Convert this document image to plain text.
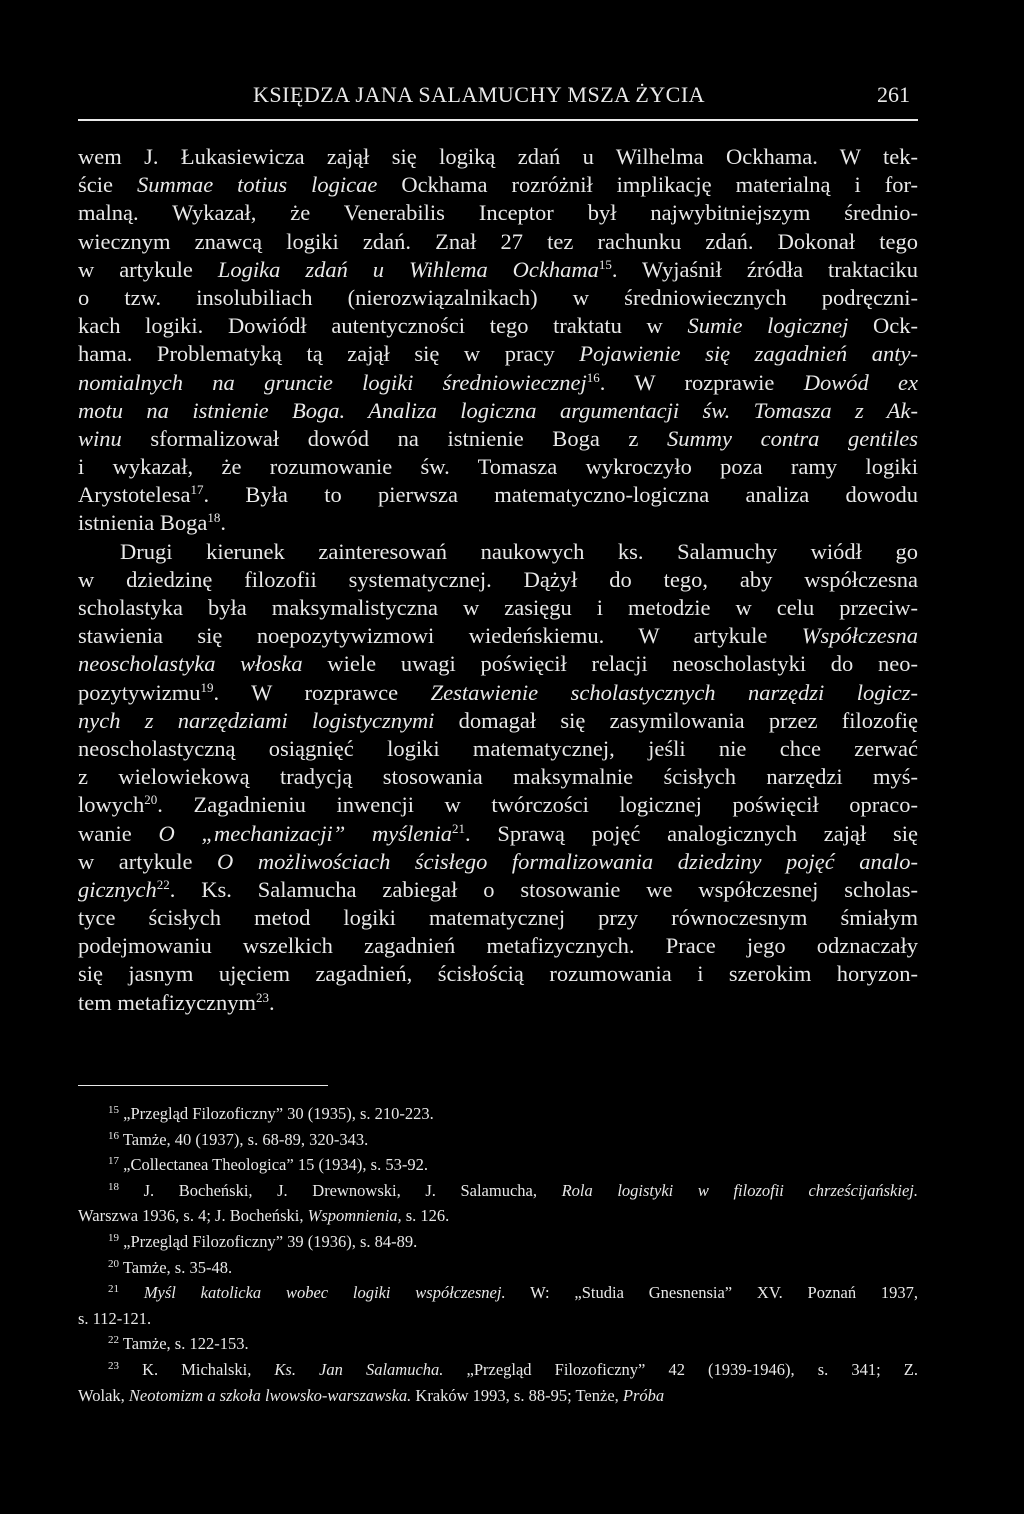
KSIĘDZA JANA SALAMUCHY MSZA ŻYCIA	261
wem J. Łukasiewicza zajął się logiką zdań u Wilhelma Ockhama. W tek-
ście Summae totius logicae Ockhama rozróżnił implikację materialną i for-
malną. Wykazał, że Venerabilis Inceptor był najwybitniejszym średnio-
wiecznym znawcą logiki zdań. Znał 27 tez rachunku zdań. Dokonał tego
w artykule Logika zdań u Wihlema Ockhama$^{15}$. Wyjaśnił źródła traktaciku
o tzw. insolubiliach (nierozwiązalnikach) w średniowiecznych podręczni-
kach logiki. Dowiódł autentyczności tego traktatu w Sumie logicznej Ock-
hama. Problematyką tą zajął się w pracy Pojawienie się zagadnień anty-
nomialnych na gruncie logiki średniowiecznej$^{16}$. W rozprawie Dowód ex
motu na istnienie Boga. Analiza logiczna argumentacji św. Tomasza z Ak-
winu sformalizował dowód na istnienie Boga z Summy contra gentiles
i wykazał, że rozumowanie św. Tomasza wykroczyło poza ramy logiki
Arystotelesa$^{17}$. Była to pierwsza matematyczno-logiczna analiza dowodu
istnienia Boga$^{18}$.
Drugi kierunek zainteresowań naukowych ks. Salamuchy wiódł go
w dziedzinę filozofii systematycznej. Dążył do tego, aby współczesna
scholastyka była maksymalistyczna w zasięgu i metodzie w celu przeciw-
stawienia się noepozytywizmowi wiedeńskiemu. W artykule Współczesna
neoscholastyka włoska wiele uwagi poświęcił relacji neoscholastyki do neo-
pozytywizmu$^{19}$. W rozprawce Zestawienie scholastycznych narzędzi logicz-
nych z narzędziami logistycznymi domagał się zasymilowania przez filozofię
neoscholastyczną osiągnięć logiki matematycznej, jeśli nie chce zerwać
z wielowiekową tradycją stosowania maksymalnie ścisłych narzędzi myś-
lowych$^{20}$. Zagadnieniu inwencji w twórczości logicznej poświęcił opraco-
wanie O „mechanizacji” myślenia$^{21}$. Sprawą pojęć analogicznych zajął się
w artykule O możliwościach ścisłego formalizowania dziedziny pojęć analo-
gicznych$^{22}$. Ks. Salamucha zabiegał o stosowanie we współczesnej scholas-
tyce ścisłych metod logiki matematycznej przy równoczesnym śmiałym
podejmowaniu wszelkich zagadnień metafizycznych. Prace jego odznaczały
się jasnym ujęciem zagadnień, ścisłością rozumowania i szerokim horyzon-
tem metafizycznym$^{23}$.
$^{15}$ „Przegląd Filozoficzny” 30 (1935), s. 210-223.
$^{16}$ Tamże, 40 (1937), s. 68-89, 320-343.
$^{17}$ „Collectanea Theologica” 15 (1934), s. 53-92.
$^{18}$ J. Bocheński, J. Drewnowski, J. Salamucha, Rola logistyki w filozofii chrześcijańskiej.
Warszwa 1936, s. 4; J. Bocheński, Wspomnienia, s. 126.
$^{19}$ „Przegląd Filozoficzny” 39 (1936), s. 84-89.
$^{20}$ Tamże, s. 35-48.
$^{21}$ Myśl katolicka wobec logiki współczesnej. W: „Studia Gnesnensia” XV. Poznań 1937,
s. 112-121.
$^{22}$ Tamże, s. 122-153.
$^{23}$ K. Michalski, Ks. Jan Salamucha. „Przegląd Filozoficzny” 42 (1939-1946), s. 341; Z.
Wolak, Neotomizm a szkoła lwowsko-warszawska. Kraków 1993, s. 88-95; Tenże, Próba
